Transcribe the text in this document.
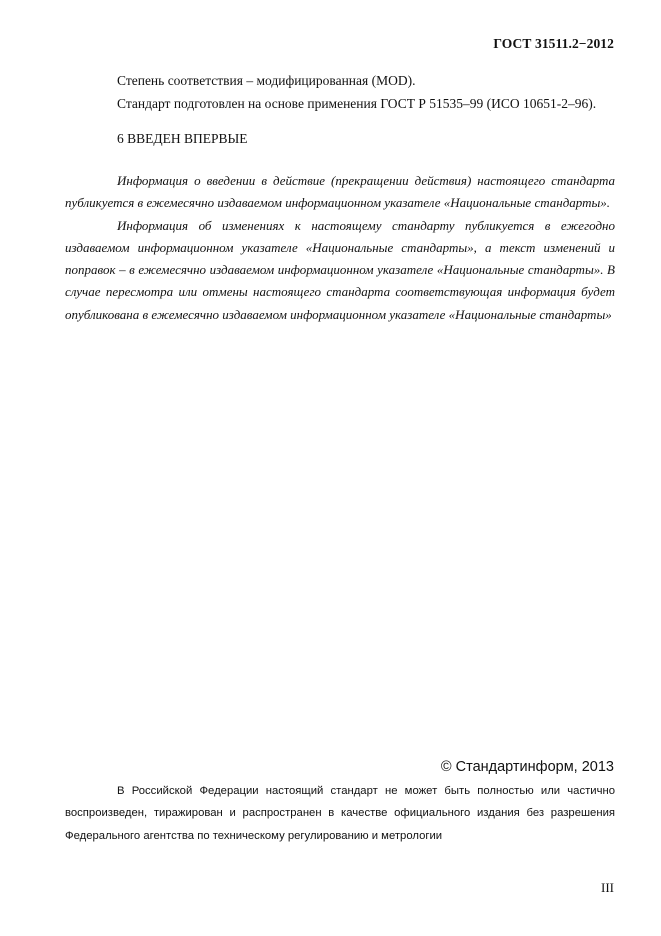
ГОСТ 31511.2−2012
Степень соответствия – модифицированная (MOD).
Стандарт подготовлен на основе применения ГОСТ Р 51535–99 (ИСО 10651-2–96).
6 ВВЕДЕН ВПЕРВЫЕ

Информация о введении в действие (прекращении действия) настоящего стандарта публикуется в ежемесячно издаваемом информационном указателе «Национальные стандарты».

Информация об изменениях к настоящему стандарту публикуется в ежегодно издаваемом информационном указателе «Национальные стандарты», а текст изменений и поправок – в ежемесячно издаваемом информационном указателе «Национальные стандарты». В случае пересмотра или отмены настоящего стандарта соответствующая информация будет опубликована в ежемесячно издаваемом информационном указателе «Национальные стандарты»

© Стандартинформ, 2013

В Российской Федерации настоящий стандарт не может быть полностью или частично воспроизведен, тиражирован и распространен в качестве официального издания без разрешения Федерального агентства по техническому регулированию и метрологии

III
